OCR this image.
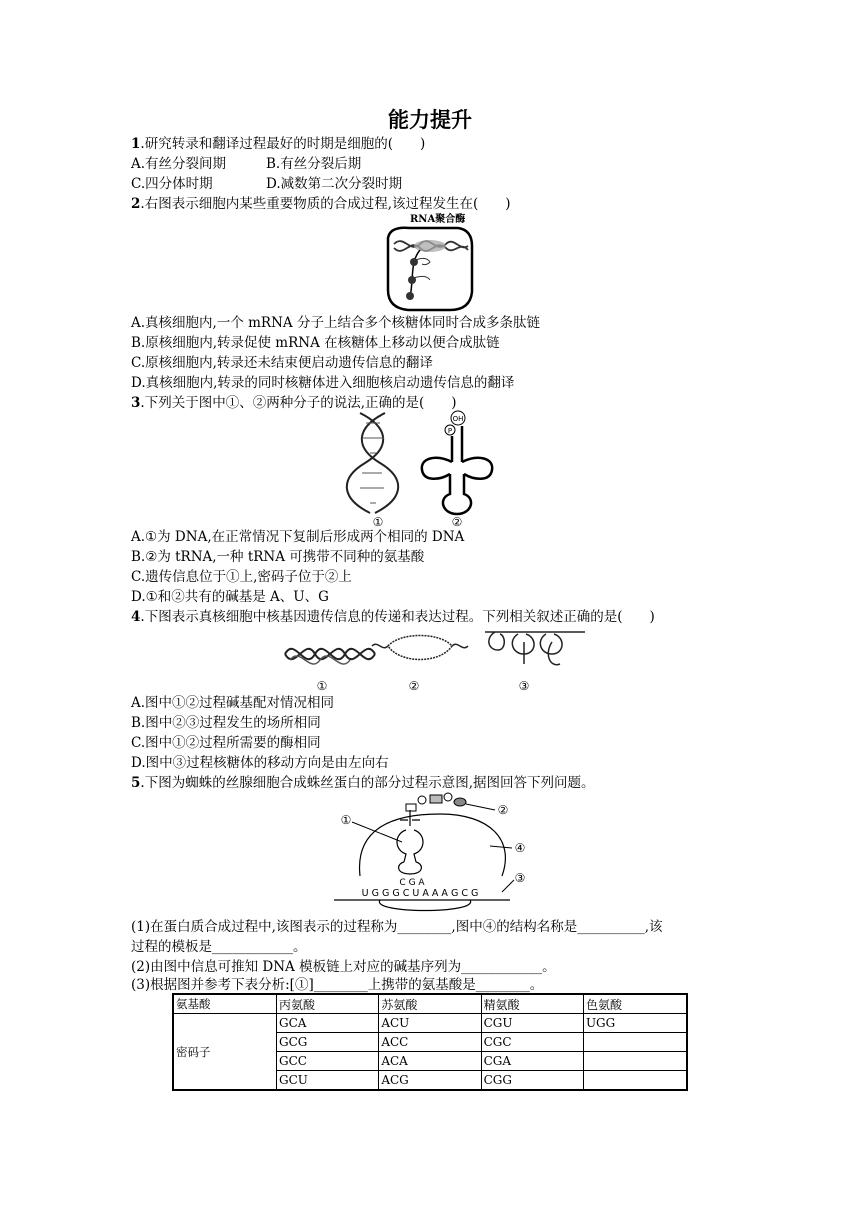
能力提升
1.研究转录和翻译过程最好的时期是细胞的(　　)
A.有丝分裂间期	B.有丝分裂后期
C.四分体时期	D.减数第二次分裂时期
2.右图表示细胞内某些重要物质的合成过程,该过程发生在(　　)
RNA聚合酶
A.真核细胞内,一个 mRNA 分子上结合多个核糖体同时合成多条肽链
B.原核细胞内,转录促使 mRNA 在核糖体上移动以便合成肽链
C.原核细胞内,转录还未结束便启动遗传信息的翻译
D.真核细胞内,转录的同时核糖体进入细胞核启动遗传信息的翻译
3.下列关于图中①、②两种分子的说法,正确的是(　　)
OH
P
①	②
A.①为 DNA,在正常情况下复制后形成两个相同的 DNA
B.②为 tRNA,一种 tRNA 可携带不同种的氨基酸
C.遗传信息位于①上,密码子位于②上
D.①和②共有的碱基是 A、U、G
4.下图表示真核细胞中核基因遗传信息的传递和表达过程。下列相关叙述正确的是(　　)
①	②	③
A.图中①②过程碱基配对情况相同
B.图中②③过程发生的场所相同
C.图中①②过程所需要的酶相同
D.图中③过程核糖体的移动方向是由左向右
5.下图为蜘蛛的丝腺细胞合成蛛丝蛋白的部分过程示意图,据图回答下列问题。
①
②
④
C G A
U G G G C U A A A G C G
③
(1)在蛋白质合成过程中,该图表示的过程称为________,图中④的结构名称是__________,该
过程的模板是____________。
(2)由图中信息可推知 DNA 模板链上对应的碱基序列为____________。
(3)根据图并参考下表分析:[①]________上携带的氨基酸是________。
氨基酸	丙氨酸	苏氨酸	精氨酸	色氨酸
密码子	GCA	ACU	CGU	UGG
	GCG	ACC	CGC	
	GCC	ACA	CGA	
	GCU	ACG	CGG	
